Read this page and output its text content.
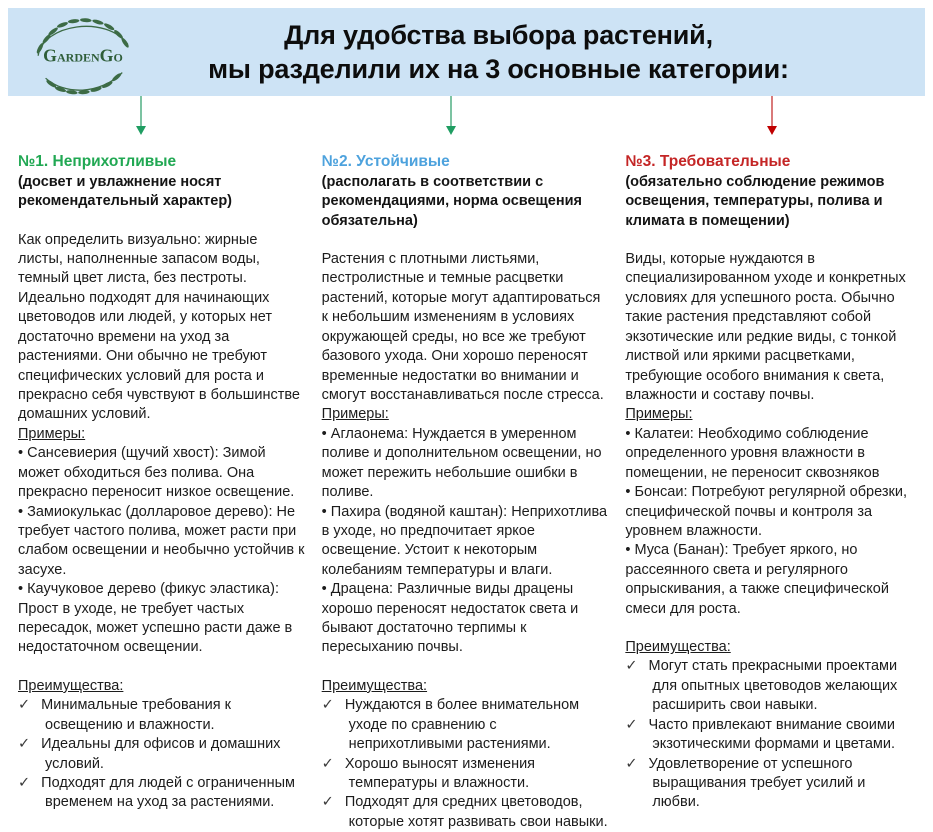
GardenGo
Для удобства выбора растений,
мы разделили их на 3 основные категории:
№1. Неприхотливые
(досвет и увлажнение носят рекомендательный характер)

Как определить визуально: жирные листы, наполненные запасом воды, темный цвет листа, без пестроты. Идеально подходят для начинающих цветоводов или людей, у которых нет достаточно времени на уход за растениями. Они обычно не требуют специфических условий для роста и прекрасно себя чувствуют в большинстве домашних условий.

Примеры:
• Сансевиерия (щучий хвост): Зимой может обходиться без полива. Она прекрасно переносит низкое освещение.
• Замиокулькас (долларовое дерево): Не требует частого полива, может расти при слабом освещении и необычно устойчив к засухе.
• Каучуковое дерево (фикус эластика): Прост в уходе, не требует частых пересадок, может успешно расти даже в недостаточном освещении.
Преимущества:
✓ Минимальные требования к освещению и влажности.
✓ Идеальны для офисов и домашних условий.
✓ Подходят для людей с ограниченным временем на уход за растениями.
№2. Устойчивые
(располагать в соответствии с рекомендациями, норма освещения обязательна)

Растения с плотными листьями, пестролистные и темные расцветки растений, которые могут адаптироваться к небольшим изменениям в условиях окружающей среды, но все же требуют базового ухода. Они хорошо переносят временные недостатки во внимании и смогут восстанавливаться после стресса.

Примеры:
• Аглаонема: Нуждается в умеренном поливе и дополнительном освещении, но может пережить небольшие ошибки в поливе.
• Пахира (водяной каштан): Неприхотлива в уходе, но предпочитает яркое освещение. Устоит к некоторым колебаниям температуры и влаги.
• Драцена: Различные виды драцены хорошо переносят недостаток света и бывают достаточно терпимы к пересыханию почвы.
Преимущества:
✓ Нуждаются в более внимательном уходе по сравнению с неприхотливыми растениями.
✓ Хорошо выносят изменения температуры и влажности.
✓ Подходят для средних цветоводов, которые хотят развивать свои навыки.
№3. Требовательные
(обязательно соблюдение режимов освещения, температуры, полива и климата в помещении)

Виды, которые нуждаются в специализированном уходе и конкретных условиях для успешного роста. Обычно такие растения представляют собой экзотические или редкие виды, с тонкой листвой или яркими расцветками, требующие особого внимания к света, влажности и составу почвы.

Примеры:
• Калатеи: Необходимо соблюдение определенного уровня влажности в помещении, не переносит сквозняков
• Бонсаи: Потребуют регулярной обрезки, специфической почвы и контроля за уровнем влажности.
• Муса (Банан): Требует яркого, но рассеянного света и регулярного опрыскивания, а также специфической смеси для роста.
Преимущества:
✓ Могут стать прекрасными проектами для опытных цветоводов желающих расширить свои навыки.
✓ Часто привлекают внимание своими экзотическими формами и цветами.
✓ Удовлетворение от успешного выращивания требует усилий и любви.
